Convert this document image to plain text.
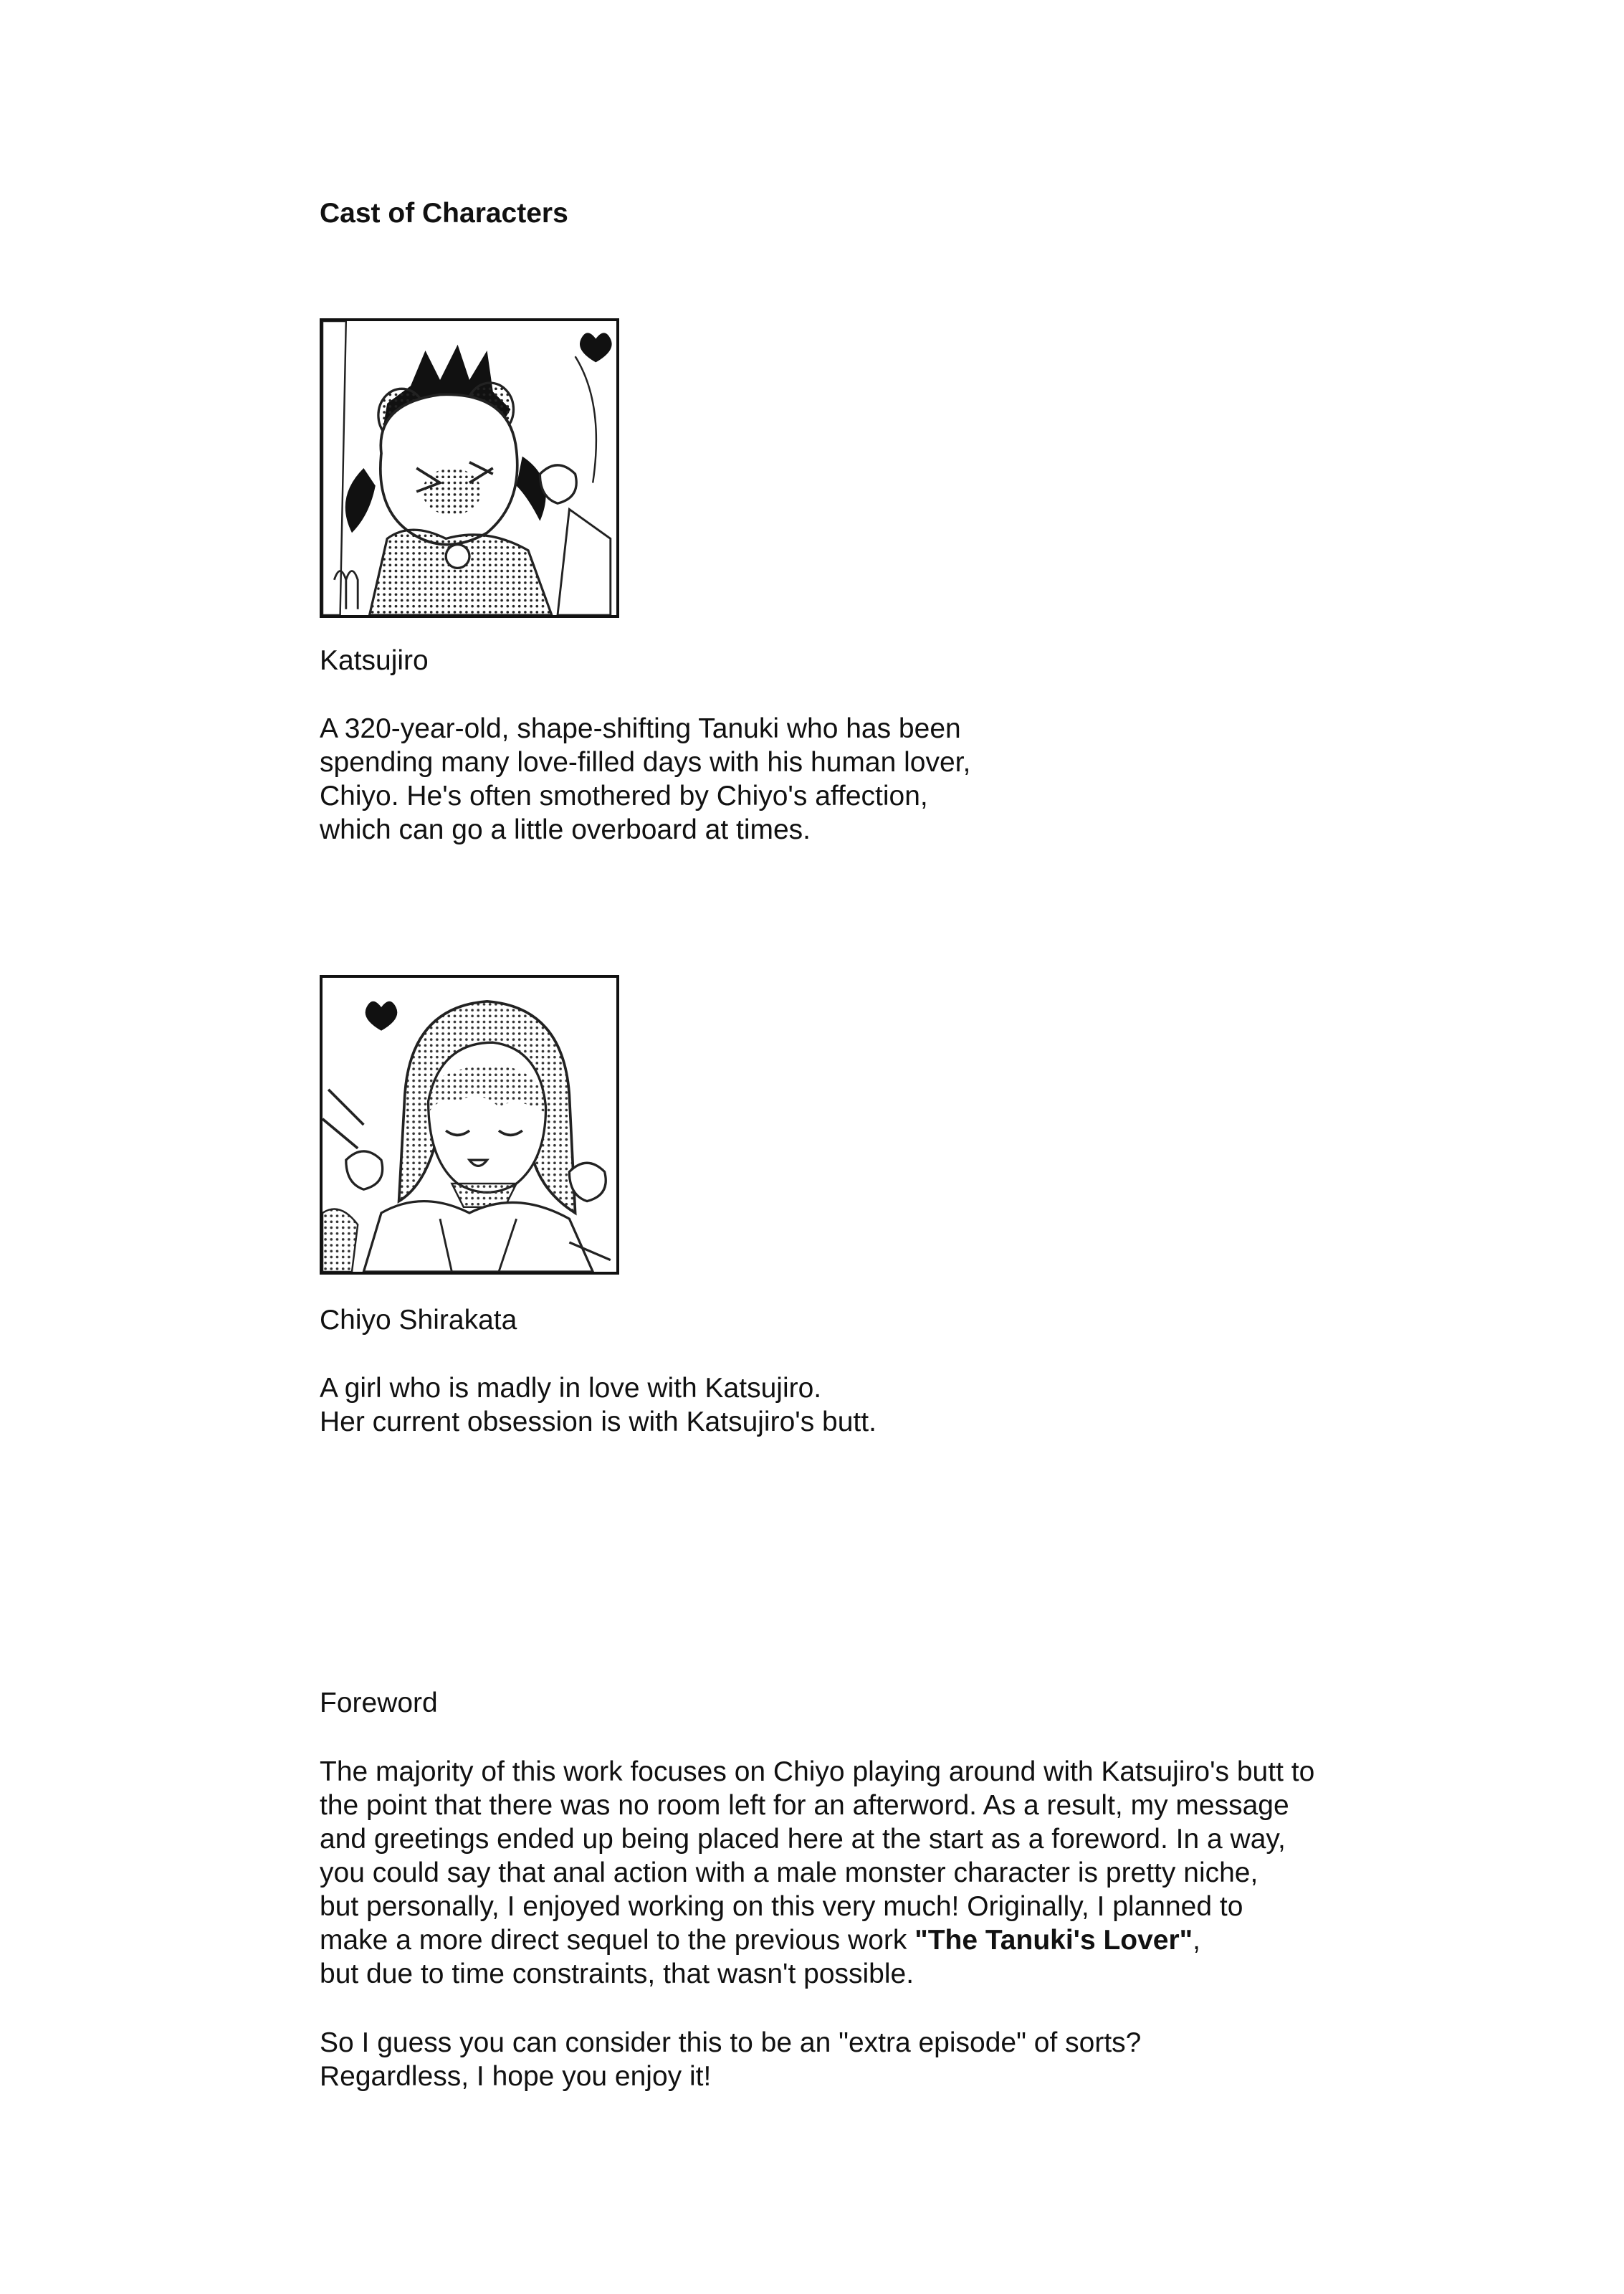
Cast of Characters
Katsujiro

A 320-year-old, shape-shifting Tanuki who has been
spending many love-filled days with his human lover,
Chiyo. He's often smothered by Chiyo's affection,
which can go a little overboard at times.

Chiyo Shirakata

A girl who is madly in love with Katsujiro.
Her current obsession is with Katsujiro's butt.

Foreword

The majority of this work focuses on Chiyo playing around with Katsujiro's butt to
the point that there was no room left for an afterword. As a result, my message
and greetings ended up being placed here at the start as a foreword. In a way,
you could say that anal action with a male monster character is pretty niche,
but personally, I enjoyed working on this very much! Originally, I planned to
make a more direct sequel to the previous work "The Tanuki's Lover",
but due to time constraints, that wasn't possible.

So I guess you can consider this to be an "extra episode" of sorts?
Regardless, I hope you enjoy it!
